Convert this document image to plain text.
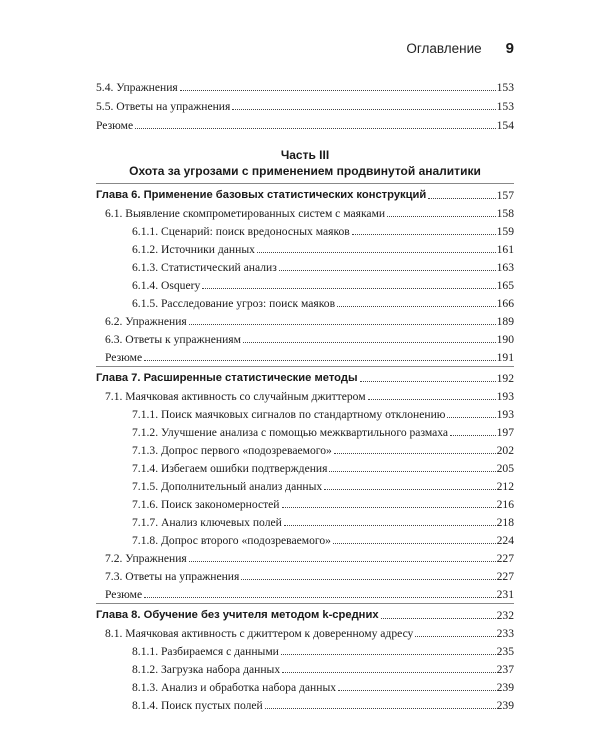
Оглавление 9
5.4. Упражнения	153
5.5. Ответы на упражнения	153
Резюме	154
Часть III
Охота за угрозами с применением продвинутой аналитики
Глава 6. Применение базовых статистических конструкций	157
6.1. Выявление скомпрометированных систем с маяками	158
6.1.1. Сценарий: поиск вредоносных маяков	159
6.1.2. Источники данных	161
6.1.3. Статистический анализ	163
6.1.4. Osquery	165
6.1.5. Расследование угроз: поиск маяков	166
6.2. Упражнения	189
6.3. Ответы к упражнениям	190
Резюме	191
Глава 7. Расширенные статистические методы	192
7.1. Маячковая активность со случайным джиттером	193
7.1.1. Поиск маячковых сигналов по стандартному отклонению	193
7.1.2. Улучшение анализа с помощью межквартильного размаха	197
7.1.3. Допрос первого «подозреваемого»	202
7.1.4. Избегаем ошибки подтверждения	205
7.1.5. Дополнительный анализ данных	212
7.1.6. Поиск закономерностей	216
7.1.7. Анализ ключевых полей	218
7.1.8. Допрос второго «подозреваемого»	224
7.2. Упражнения	227
7.3. Ответы на упражнения	227
Резюме	231
Глава 8. Обучение без учителя методом k-средних	232
8.1. Маячковая активность с джиттером к доверенному адресу	233
8.1.1. Разбираемся с данными	235
8.1.2. Загрузка набора данных	237
8.1.3. Анализ и обработка набора данных	239
8.1.4. Поиск пустых полей	239
